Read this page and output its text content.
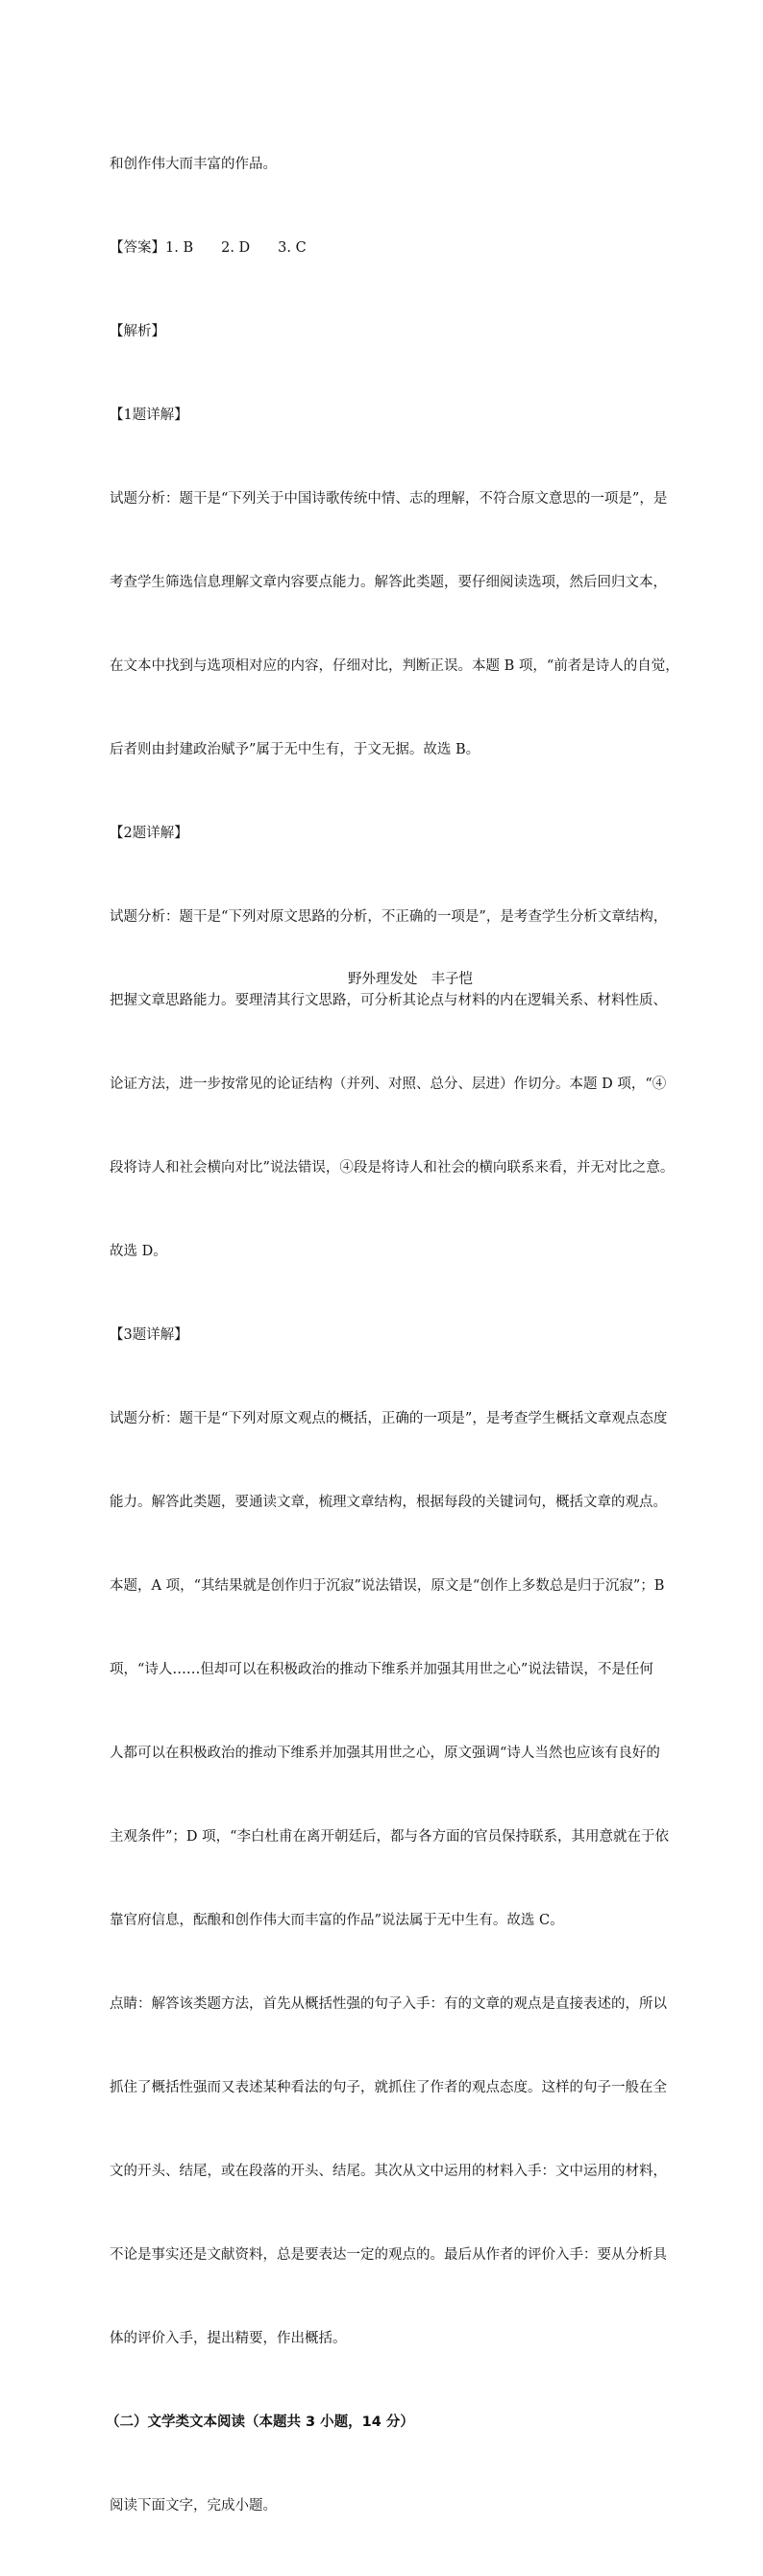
和创作伟大而丰富的作品。

【答案】1. B　　2. D　　3. C

【解析】

【1题详解】

试题分析：题干是“下列关于中国诗歌传统中情、志的理解，不符合原文意思的一项是”，是

考查学生筛选信息理解文章内容要点能力。解答此类题，要仔细阅读选项，然后回归文本，

在文本中找到与选项相对应的内容，仔细对比，判断正误。本题 B 项，“前者是诗人的自觉，

后者则由封建政治赋予”属于无中生有，于文无据。故选 B。

【2题详解】

试题分析：题干是“下列对原文思路的分析，不正确的一项是”，是考查学生分析文章结构，

把握文章思路能力。要理清其行文思路，可分析其论点与材料的内在逻辑关系、材料性质、

论证方法，进一步按常见的论证结构（并列、对照、总分、层进）作切分。本题 D 项，“④

段将诗人和社会横向对比”说法错误，④段是将诗人和社会的横向联系来看，并无对比之意。

故选 D。

【3题详解】

试题分析：题干是“下列对原文观点的概括，正确的一项是”，是考查学生概括文章观点态度

能力。解答此类题，要通读文章，梳理文章结构，根据每段的关键词句，概括文章的观点。

本题，A 项，“其结果就是创作归于沉寂”说法错误，原文是“创作上多数总是归于沉寂”；B

项，“诗人……但却可以在积极政治的推动下维系并加强其用世之心”说法错误，不是任何

人都可以在积极政治的推动下维系并加强其用世之心，原文强调“诗人当然也应该有良好的

主观条件”；D 项，“李白杜甫在离开朝廷后，都与各方面的官员保持联系，其用意就在于依

靠官府信息，酝酿和创作伟大而丰富的作品”说法属于无中生有。故选 C。

点睛：解答该类题方法，首先从概括性强的句子入手：有的文章的观点是直接表述的，所以

抓住了概括性强而又表述某种看法的句子，就抓住了作者的观点态度。这样的句子一般在全

文的开头、结尾，或在段落的开头、结尾。其次从文中运用的材料入手：文中运用的材料，

不论是事实还是文献资料，总是要表达一定的观点的。最后从作者的评价入手：要从分析具

体的评价入手，提出精要，作出概括。

（二）文学类文本阅读（本题共 3 小题，14 分）

阅读下面文字，完成小题。

野外理发处 丰子恺
